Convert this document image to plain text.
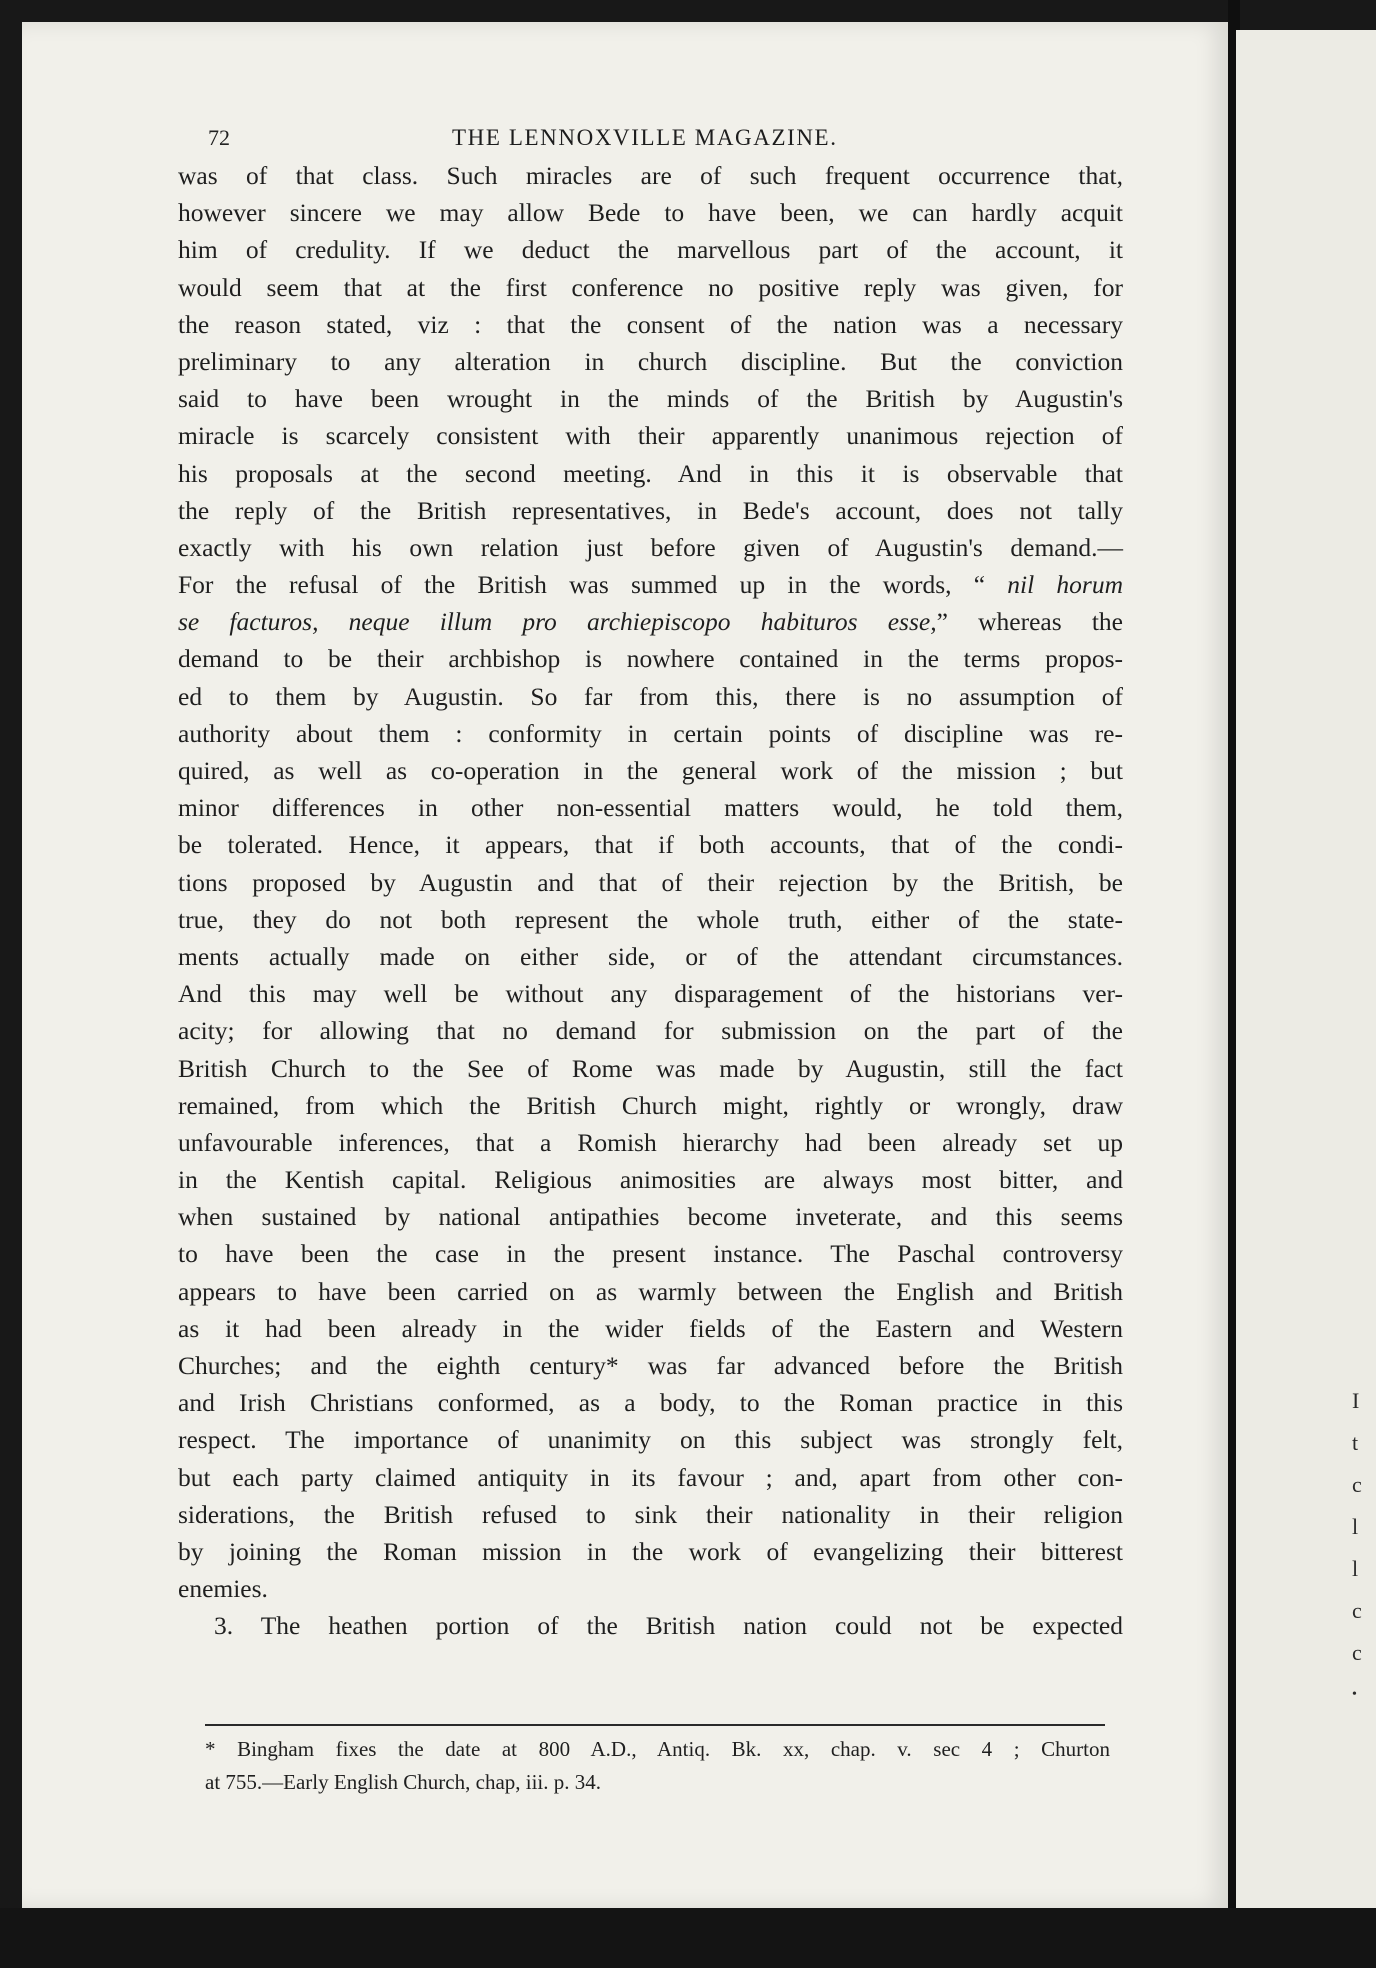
72	THE LENNOXVILLE MAGAZINE.
was of that class. Such miracles are of such frequent occurrence that,
however sincere we may allow Bede to have been, we can hardly acquit
him of credulity. If we deduct the marvellous part of the account, it
would seem that at the first conference no positive reply was given, for
the reason stated, viz : that the consent of the nation was a necessary
preliminary to any alteration in church discipline. But the conviction
said to have been wrought in the minds of the British by Augustin's
miracle is scarcely consistent with their apparently unanimous rejection of
his proposals at the second meeting. And in this it is observable that
the reply of the British representatives, in Bede's account, does not tally
exactly with his own relation just before given of Augustin's demand.—
For the refusal of the British was summed up in the words, “ nil horum
se facturos, neque illum pro archiepiscopo habituros esse,” whereas the
demand to be their archbishop is nowhere contained in the terms propos-
ed to them by Augustin. So far from this, there is no assumption of
authority about them : conformity in certain points of discipline was re-
quired, as well as co-operation in the general work of the mission ; but
minor differences in other non-essential matters would, he told them,
be tolerated. Hence, it appears, that if both accounts, that of the condi-
tions proposed by Augustin and that of their rejection by the British, be
true, they do not both represent the whole truth, either of the state-
ments actually made on either side, or of the attendant circumstances.
And this may well be without any disparagement of the historians ver-
acity; for allowing that no demand for submission on the part of the
British Church to the See of Rome was made by Augustin, still the fact
remained, from which the British Church might, rightly or wrongly, draw
unfavourable inferences, that a Romish hierarchy had been already set up
in the Kentish capital. Religious animosities are always most bitter, and
when sustained by national antipathies become inveterate, and this seems
to have been the case in the present instance. The Paschal controversy
appears to have been carried on as warmly between the English and British
as it had been already in the wider fields of the Eastern and Western
Churches; and the eighth century* was far advanced before the British
and Irish Christians conformed, as a body, to the Roman practice in this
respect. The importance of unanimity on this subject was strongly felt,
but each party claimed antiquity in its favour ; and, apart from other con-
siderations, the British refused to sink their nationality in their religion
by joining the Roman mission in the work of evangelizing their bitterest
enemies.
3. The heathen portion of the British nation could not be expected
* Bingham fixes the date at 800 A.D., Antiq. Bk. xx, chap. v. sec 4 ; Churton
at 755.—Early English Church, chap, iii. p. 34.
I
t
c
l
l
c
c
•
